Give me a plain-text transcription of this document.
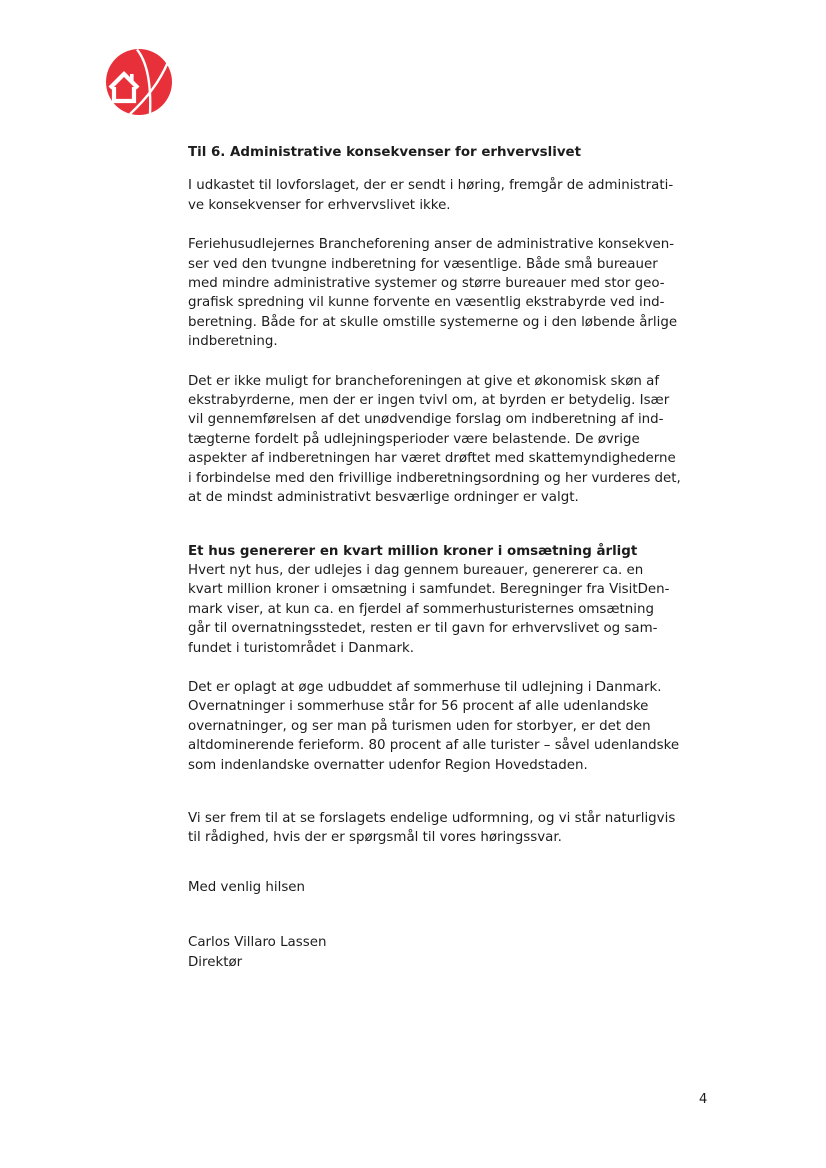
Til 6. Administrative konsekvenser for erhvervslivet
I udkastet til lovforslaget, der er sendt i høring, fremgår de administrati-
ve konsekvenser for erhvervslivet ikke.
Feriehusudlejernes Brancheforening anser de administrative konsekven-
ser ved den tvungne indberetning for væsentlige. Både små bureauer
med mindre administrative systemer og større bureauer med stor geo-
grafisk spredning vil kunne forvente en væsentlig ekstrabyrde ved ind-
beretning. Både for at skulle omstille systemerne og i den løbende årlige
indberetning.
Det er ikke muligt for brancheforeningen at give et økonomisk skøn af
ekstrabyrderne, men der er ingen tvivl om, at byrden er betydelig. Især
vil gennemførelsen af det unødvendige forslag om indberetning af ind-
tægterne fordelt på udlejningsperioder være belastende. De øvrige
aspekter af indberetningen har været drøftet med skattemyndighederne
i forbindelse med den frivillige indberetningsordning og her vurderes det,
at de mindst administrativt besværlige ordninger er valgt.
Et hus genererer en kvart million kroner i omsætning årligt
Hvert nyt hus, der udlejes i dag gennem bureauer, genererer ca. en
kvart million kroner i omsætning i samfundet. Beregninger fra VisitDen-
mark viser, at kun ca. en fjerdel af sommerhusturisternes omsætning
går til overnatningsstedet, resten er til gavn for erhvervslivet og sam-
fundet i turistområdet i Danmark.
Det er oplagt at øge udbuddet af sommerhuse til udlejning i Danmark.
Overnatninger i sommerhuse står for 56 procent af alle udenlandske
overnatninger, og ser man på turismen uden for storbyer, er det den
altdominerende ferieform. 80 procent af alle turister – såvel udenlandske
som indenlandske overnatter udenfor Region Hovedstaden.
Vi ser frem til at se forslagets endelige udformning, og vi står naturligvis
til rådighed, hvis der er spørgsmål til vores høringssvar.
Med venlig hilsen
Carlos Villaro Lassen
Direktør
4
